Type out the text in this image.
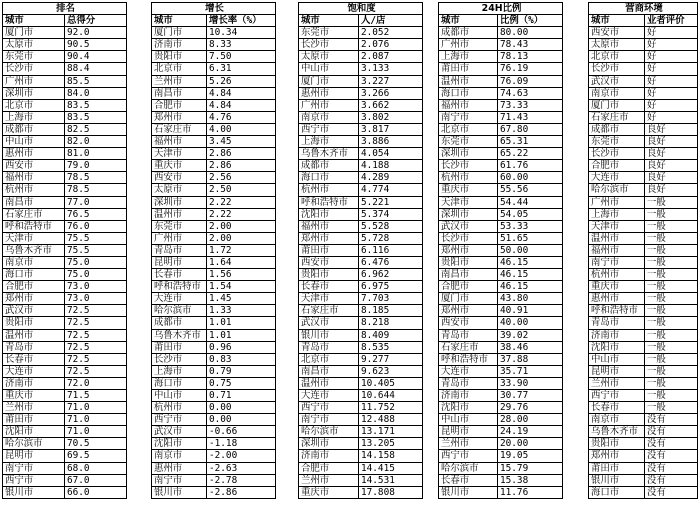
排名	
城市	总得分
厦门市	92.0
太原市	90.5
东莞市	90.4
长沙市	88.4
广州市	85.5
深圳市	84.0
北京市	83.5
上海市	83.5
成都市	82.5
中山市	82.0
惠州市	81.0
西安市	79.0
福州市	78.5
杭州市	78.5
南昌市	77.0
石家庄市	76.5
呼和浩特市	76.0
天津市	75.5
乌鲁木齐市	75.5
南京市	75.0
海口市	75.0
合肥市	73.0
郑州市	73.0
武汉市	72.5
贵阳市	72.5
温州市	72.5
青岛市	72.5
长春市	72.5
大连市	72.5
济南市	72.0
重庆市	71.5
兰州市	71.0
莆田市	71.0
沈阳市	71.0
哈尔滨市	70.5
昆明市	69.5
南宁市	68.0
西宁市	67.0
银川市	66.0
增长	
城市	增长率（%）
厦门市	10.34
济南市	8.33
贵阳市	7.50
北京市	6.31
兰州市	5.26
南昌市	4.84
合肥市	4.84
郑州市	4.76
石家庄市	4.00
福州市	3.45
天津市	2.86
重庆市	2.86
西安市	2.56
太原市	2.50
深圳市	2.22
温州市	2.22
东莞市	2.00
广州市	2.00
青岛市	1.72
昆明市	1.64
长春市	1.56
呼和浩特市	1.54
大连市	1.45
哈尔滨市	1.33
成都市	1.01
乌鲁木齐市	1.01
莆田市	0.96
长沙市	0.83
上海市	0.79
海口市	0.75
中山市	0.71
杭州市	0.00
西宁市	0.00
武汉市	-0.66
沈阳市	-1.18
南京市	-2.00
惠州市	-2.63
南宁市	-2.78
银川市	-2.86
饱和度	
城市	人/店
东莞市	2.052
长沙市	2.076
太原市	2.087
中山市	3.133
厦门市	3.227
惠州市	3.266
广州市	3.662
南京市	3.802
西宁市	3.817
上海市	3.886
乌鲁木齐市	4.054
成都市	4.188
海口市	4.289
杭州市	4.774
呼和浩特市	5.221
沈阳市	5.374
福州市	5.528
郑州市	5.728
莆田市	6.116
西安市	6.476
贵阳市	6.962
长春市	6.975
天津市	7.703
石家庄市	8.185
武汉市	8.218
银川市	8.409
青岛市	8.535
北京市	9.277
南昌市	9.623
温州市	10.405
大连市	10.644
西宁市	11.752
南宁市	12.488
哈尔滨市	13.171
深圳市	13.205
济南市	14.158
合肥市	14.415
兰州市	14.531
重庆市	17.808
24H比例	
城市	比例（%）
成都市	80.00
广州市	78.43
上海市	78.13
莆田市	76.19
温州市	76.09
海口市	74.63
福州市	73.33
南宁市	71.43
北京市	67.80
东莞市	65.31
深圳市	65.22
长沙市	61.76
杭州市	60.00
重庆市	55.56
天津市	54.44
深圳市	54.05
武汉市	53.33
长沙市	51.65
郑州市	50.00
贵阳市	46.15
南昌市	46.15
合肥市	46.15
厦门市	43.80
郑州市	40.91
西安市	40.00
青岛市	39.02
石家庄市	38.46
呼和浩特市	37.88
大连市	35.71
青岛市	33.90
济南市	30.77
沈阳市	29.76
中山市	28.00
昆明市	24.19
兰州市	20.00
西宁市	19.05
哈尔滨市	15.79
长春市	15.38
银川市	11.76
营商环境	
城市	业者评价
西安市	好
太原市	好
北京市	好
长沙市	好
武汉市	好
南京市	好
厦门市	好
石家庄市	好
成都市	良好
东莞市	良好
长沙市	良好
合肥市	良好
大连市	良好
哈尔滨市	良好
广州市	一般
上海市	一般
天津市	一般
温州市	一般
福州市	一般
南宁市	一般
杭州市	一般
重庆市	一般
惠州市	一般
呼和浩特市	一般
青岛市	一般
济南市	一般
沈阳市	一般
中山市	一般
昆明市	一般
兰州市	一般
西宁市	一般
长春市	一般
南京市	没有
乌鲁木齐市	没有
贵阳市	没有
郑州市	没有
莆田市	没有
银川市	没有
海口市	没有
